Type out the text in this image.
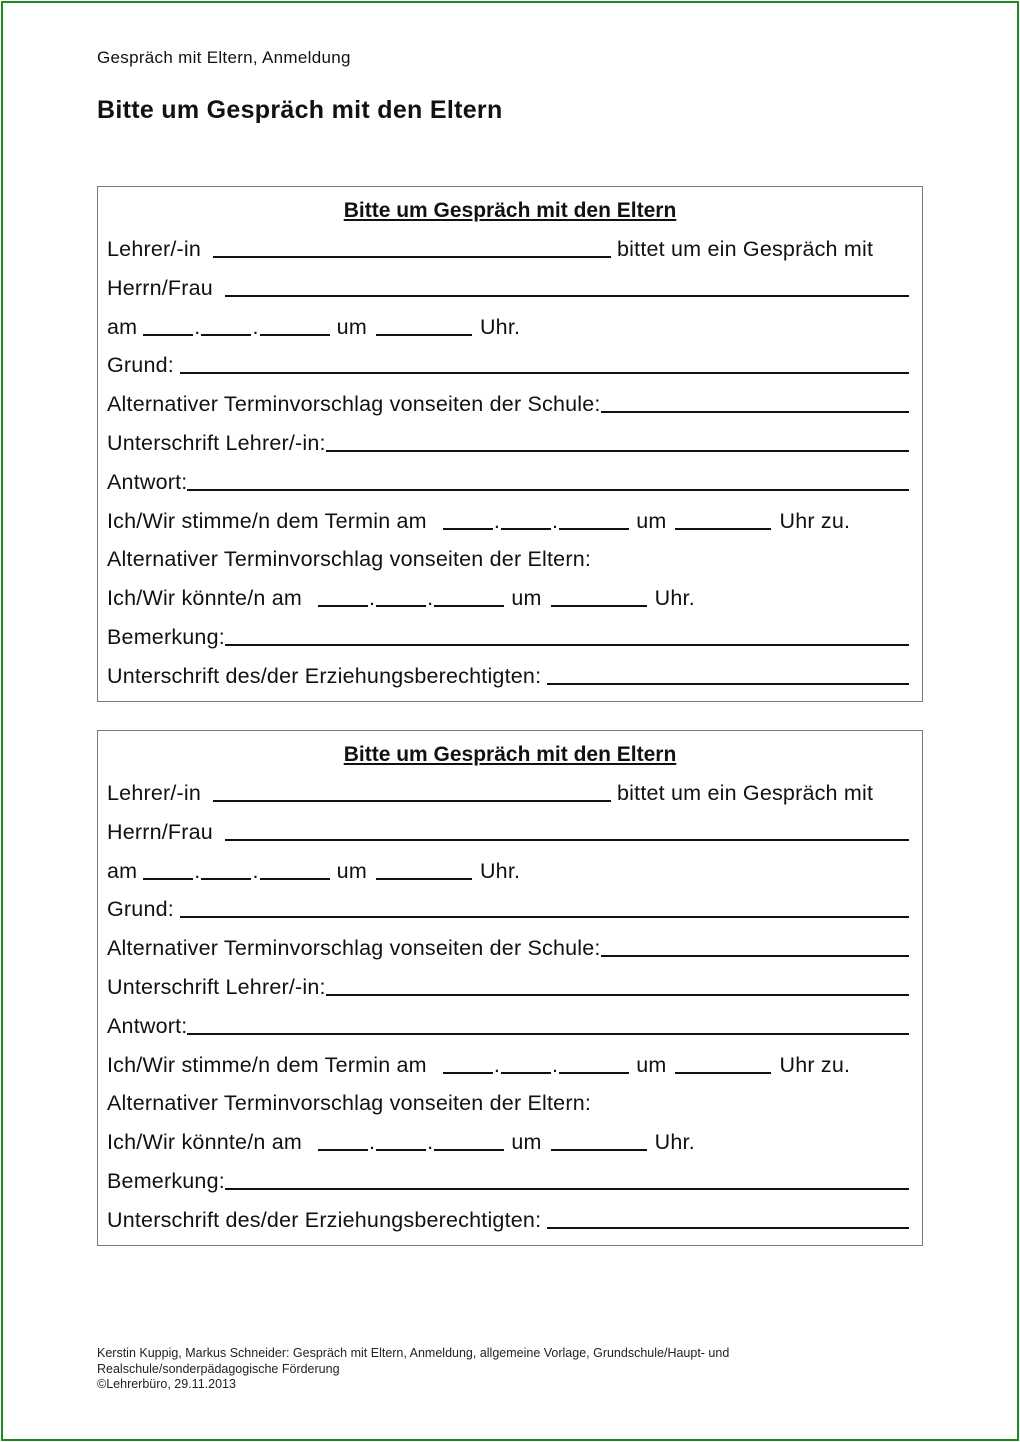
Gespräch mit Eltern, Anmeldung
Bitte um Gespräch mit den Eltern
Bitte um Gespräch mit den Eltern
Lehrer/-in	bittet um ein Gespräch mit
Herrn/Frau
am	. .	um	Uhr.
Grund:
Alternativer Terminvorschlag vonseiten der Schule:
Unterschrift Lehrer/-in:
Antwort:
Ich/Wir stimme/n dem Termin am	. .	um	Uhr zu.
Alternativer Terminvorschlag vonseiten der Eltern:
Ich/Wir könnte/n am	. .	um	Uhr.
Bemerkung:
Unterschrift des/der Erziehungsberechtigten:
Bitte um Gespräch mit den Eltern
Lehrer/-in	bittet um ein Gespräch mit
Herrn/Frau
am	. .	um	Uhr.
Grund:
Alternativer Terminvorschlag vonseiten der Schule:
Unterschrift Lehrer/-in:
Antwort:
Ich/Wir stimme/n dem Termin am	. .	um	Uhr zu.
Alternativer Terminvorschlag vonseiten der Eltern:
Ich/Wir könnte/n am	. .	um	Uhr.
Bemerkung:
Unterschrift des/der Erziehungsberechtigten:
Kerstin Kuppig, Markus Schneider: Gespräch mit Eltern, Anmeldung, allgemeine Vorlage, Grundschule/Haupt- und
Realschule/sonderpädagogische Förderung
©Lehrerbüro, 29.11.2013
